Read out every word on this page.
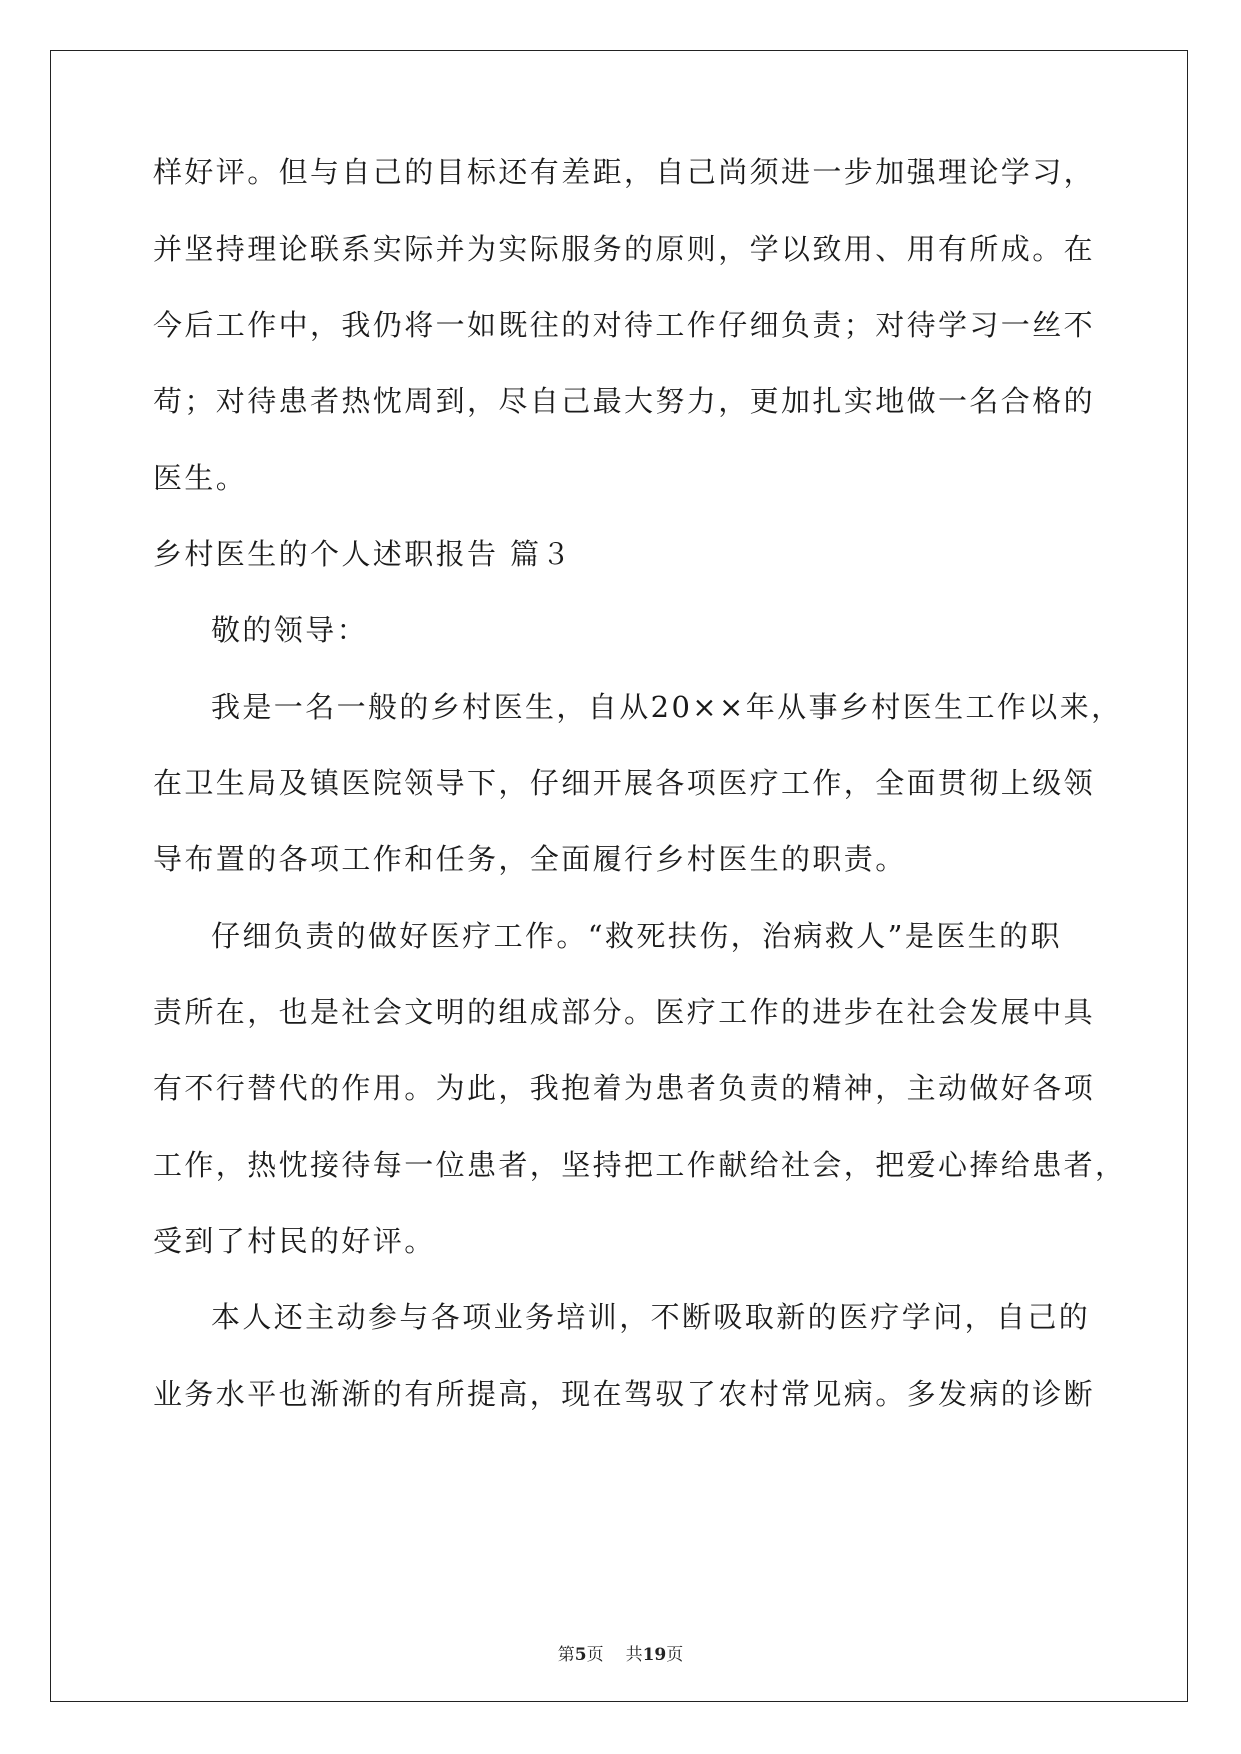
样好评。但与自己的目标还有差距，自己尚须进一步加强理论学习，
并坚持理论联系实际并为实际服务的原则，学以致用、用有所成。在
今后工作中，我仍将一如既往的对待工作仔细负责；对待学习一丝不
苟；对待患者热忱周到，尽自己最大努力，更加扎实地做一名合格的
医生。
乡村医生的个人述职报告 篇３
敬的领导：
我是一名一般的乡村医生，自从20××年从事乡村医生工作以来，
在卫生局及镇医院领导下，仔细开展各项医疗工作，全面贯彻上级领
导布置的各项工作和任务，全面履行乡村医生的职责。
仔细负责的做好医疗工作。“救死扶伤，治病救人”是医生的职
责所在，也是社会文明的组成部分。医疗工作的进步在社会发展中具
有不行替代的作用。为此，我抱着为患者负责的精神，主动做好各项
工作，热忱接待每一位患者，坚持把工作献给社会，把爱心捧给患者，
受到了村民的好评。
本人还主动参与各项业务培训，不断吸取新的医疗学问，自己的
业务水平也渐渐的有所提高，现在驾驭了农村常见病。多发病的诊断
第5页 共19页
